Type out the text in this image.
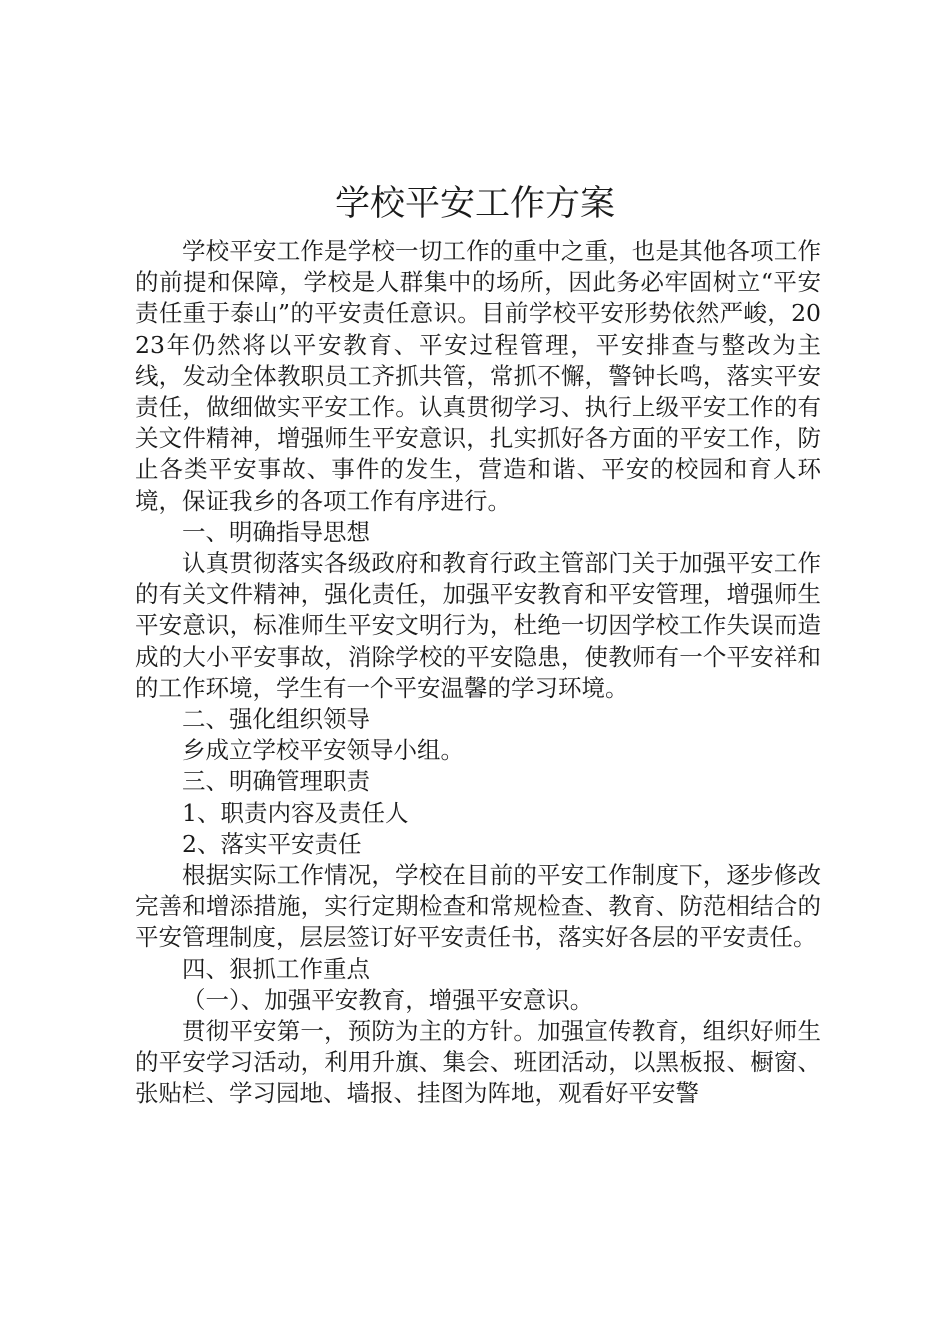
学校平安工作方案

学校平安工作是学校一切工作的重中之重，也是其他各项工作的前提和保障，学校是人群集中的场所，因此务必牢固树立“平安责任重于泰山”的平安责任意识。目前学校平安形势依然严峻，2023年仍然将以平安教育、平安过程管理，平安排查与整改为主线，发动全体教职员工齐抓共管，常抓不懈，警钟长鸣，落实平安责任，做细做实平安工作。认真贯彻学习、执行上级平安工作的有关文件精神，增强师生平安意识，扎实抓好各方面的平安工作，防止各类平安事故、事件的发生，营造和谐、平安的校园和育人环境，保证我乡的各项工作有序进行。

一、明确指导思想

认真贯彻落实各级政府和教育行政主管部门关于加强平安工作的有关文件精神，强化责任，加强平安教育和平安管理，增强师生平安意识，标准师生平安文明行为，杜绝一切因学校工作失误而造成的大小平安事故，消除学校的平安隐患，使教师有一个平安祥和的工作环境，学生有一个平安温馨的学习环境。

二、强化组织领导

乡成立学校平安领导小组。

三、明确管理职责

1、职责内容及责任人

2、落实平安责任

根据实际工作情况，学校在目前的平安工作制度下，逐步修改完善和增添措施，实行定期检查和常规检查、教育、防范相结合的平安管理制度，层层签订好平安责任书，落实好各层的平安责任。

四、狠抓工作重点

（一）、加强平安教育，增强平安意识。

贯彻平安第一，预防为主的方针。加强宣传教育，组织好师生的平安学习活动，利用升旗、集会、班团活动，以黑板报、橱窗、张贴栏、学习园地、墙报、挂图为阵地，观看好平安警
